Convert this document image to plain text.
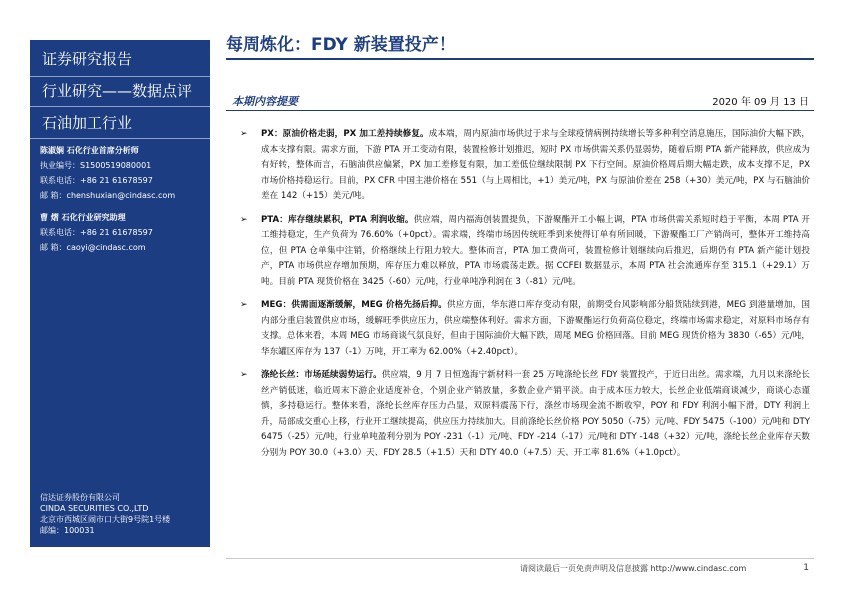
证券研究报告
行业研究——数据点评
石油加工行业
陈淑娴 石化行业首席分析师
执业编号：S1500519080001
联系电话：+86 21 61678597
邮 箱：chenshuxian@cindasc.com
曹 熠 石化行业研究助理
联系电话：+86 21 61678597
邮 箱：caoyi@cindasc.com
信达证券股份有限公司
CINDA SECURITIES CO.,LTD
北京市西城区闹市口大街9号院1号楼
邮编：100031
每周炼化：FDY 新装置投产！
本期内容提要	2020 年 09 月 13 日
➢ PX：原油价格走弱，PX 加工差持续修复。成本端，周内原油市场供过于求与全球疫情病例持续增长等多种利空消息施压，国际油价大幅下跌，成本支撑有限。需求方面，下游 PTA 开工变动有限，装置检修计划推迟，短时 PX 市场供需关系仍显弱势，随着后期 PTA 新产能释放，供应成为有好转，整体而言，石脑油供应偏紧，PX 加工差修复有限，加工差低位继续限制 PX 下行空间。原油价格周后期大幅走跌，成本支撑不足，PX 市场价格持稳运行。目前，PX CFR 中国主港价格在 551（与上周相比，+1）美元/吨，PX 与原油价差在 258（+30）美元/吨，PX 与石脑油价差在 142（+15）美元/吨。
➢ PTA：库存继续累积，PTA 利润收缩。供应端，周内福海创装置提负，下游聚酯开工小幅上调，PTA 市场供需关系短时趋于平衡，本周 PTA 开工维持稳定，生产负荷为 76.60%（+0pct）。需求端，终端市场因传统旺季到来使得订单有所回暖，下游聚酯工厂产销尚可，整体开工维持高位，但 PTA 仓单集中注销，价格继续上行阻力较大。整体而言，PTA 加工费尚可，装置检修计划继续向后推迟，后期仍有 PTA 新产能计划投产，PTA 市场供应存增加预期，库存压力难以释放，PTA 市场震荡走跌。据 CCFEI 数据显示，本周 PTA 社会流通库存至 315.1（+29.1）万吨。目前 PTA 现货价格在 3425（-60）元/吨，行业单吨净利润在 3（-81）元/吨。
➢ MEG：供需面逐渐缓解，MEG 价格先扬后抑。供应方面，华东港口库存变动有限，前期受台风影响部分船货陆续到港，MEG 到港量增加，国内部分重启装置供应市场，缓解旺季供应压力，供应端整体利好。需求方面，下游聚酯运行负荷高位稳定，终端市场需求稳定，对原料市场存有支撑。总体来看，本周 MEG 市场商谈气氛良好，但由于国际油价大幅下跌，周尾 MEG 价格回落。目前 MEG 现货价格为 3830（-65）元/吨，华东罐区库存为 137（-1）万吨，开工率为 62.00%（+2.40pct）。
➢ 涤纶长丝：市场延续弱势运行。供应端，9 月 7 日恒逸海宁新材料一套 25 万吨涤纶长丝 FDY 装置投产，于近日出丝。需求端，九月以来涤纶长丝产销低迷，临近周末下游企业适度补仓，个别企业产销放量，多数企业产销平淡。由于成本压力较大，长丝企业低端商谈减少，商谈心态谨慎，多持稳运行。整体来看，涤纶长丝库存压力凸显，双原料震荡下行，涤丝市场现金流不断收窄，POY 和 FDY 利润小幅下滑，DTY 利润上升，局部成交重心上移，行业开工继续提高，供应压力持续加大。目前涤纶长丝价格 POY 5050（-75）元/吨、FDY 5475（-100）元/吨和 DTY 6475（-25）元/吨，行业单吨盈利分别为 POY -231（-1）元/吨、FDY -214（-17）元/吨和 DTY -148（+32）元/吨，涤纶长丝企业库存天数分别为 POY 30.0（+3.0）天、FDY 28.5（+1.5）天和 DTY 40.0（+7.5）天、开工率 81.6%（+1.0pct）。
请阅读最后一页免责声明及信息披露 http://www.cindasc.com	1
